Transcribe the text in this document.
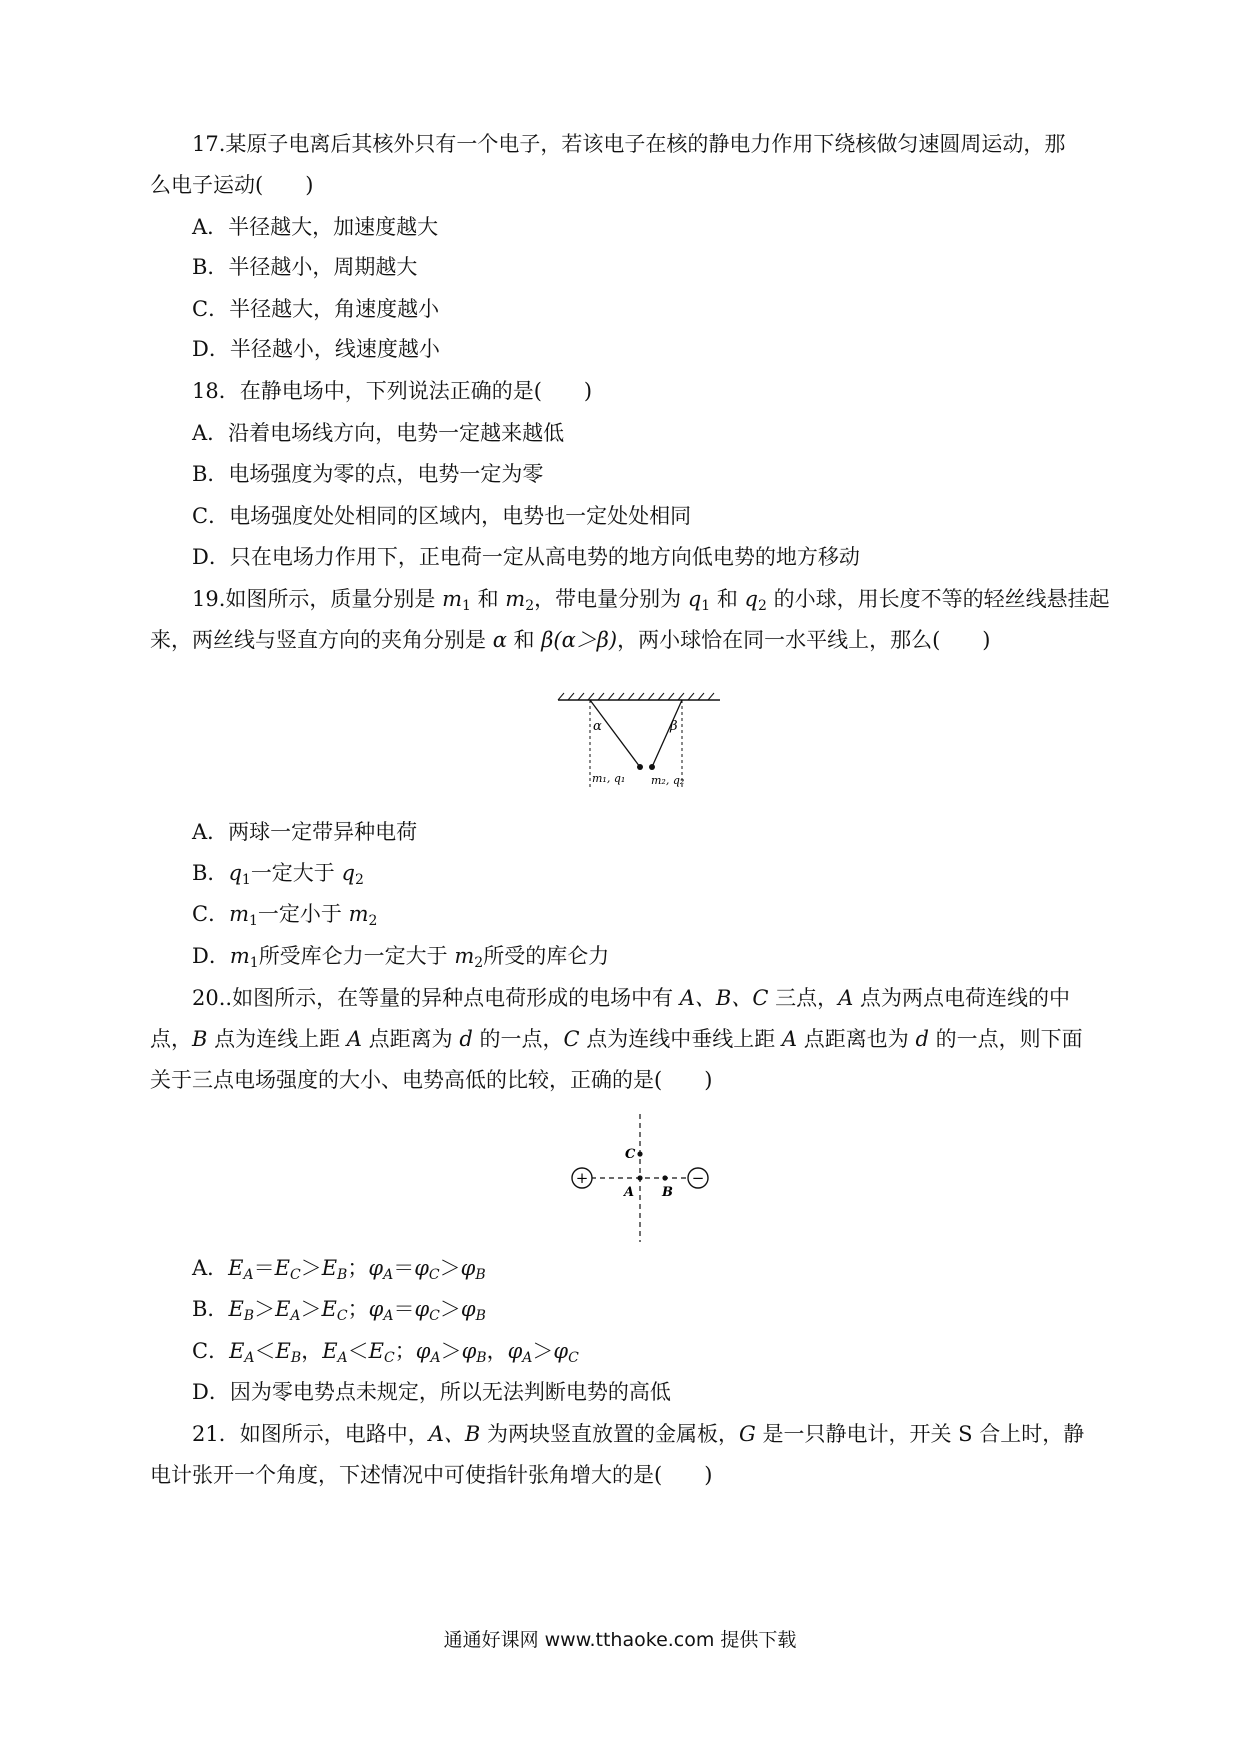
17.某原子电离后其核外只有一个电子，若该电子在核的静电力作用下绕核做匀速圆周运动，那
么电子运动(　　)
A．半径越大，加速度越大
B．半径越小，周期越大
C．半径越大，角速度越小
D．半径越小，线速度越小
18．在静电场中，下列说法正确的是(　　)
A．沿着电场线方向，电势一定越来越低
B．电场强度为零的点，电势一定为零
C．电场强度处处相同的区域内，电势也一定处处相同
D．只在电场力作用下，正电荷一定从高电势的地方向低电势的地方移动
19.如图所示，质量分别是 $m_1$ 和 $m_2$，带电量分别为 $q_1$ 和 $q_2$ 的小球，用长度不等的轻丝线悬挂起
来，两丝线与竖直方向的夹角分别是 α 和 β(α＞β)，两小球恰在同一水平线上，那么(　　)
α	β
m₁, q₁ m₂, q₂
A．两球一定带异种电荷
B．$q_1$一定大于 $q_2$
C．$m_1$一定小于 $m_2$
D．$m_1$所受库仑力一定大于 $m_2$所受的库仑力
20..如图所示，在等量的异种点电荷形成的电场中有 A、B、C 三点，A 点为两点电荷连线的中
点，B 点为连线上距 A 点距离为 d 的一点，C 点为连线中垂线上距 A 点距离也为 d 的一点，则下面
关于三点电场强度的大小、电势高低的比较，正确的是(　　)
+	−
A B
C
A．$E_A=E_C>E_B$；$\varphi_A=\varphi_C>\varphi_B$
B．$E_B>E_A>E_C$；$\varphi_A=\varphi_C>\varphi_B$
C．$E_A<E_B$，$E_A<E_C$；$\varphi_A>\varphi_B$，$\varphi_A>\varphi_C$
D．因为零电势点未规定，所以无法判断电势的高低
21．如图所示，电路中，A、B 为两块竖直放置的金属板，G 是一只静电计，开关 S 合上时，静
电计张开一个角度，下述情况中可使指针张角增大的是(　　)
通通好课网 www.tthaoke.com 提供下载
